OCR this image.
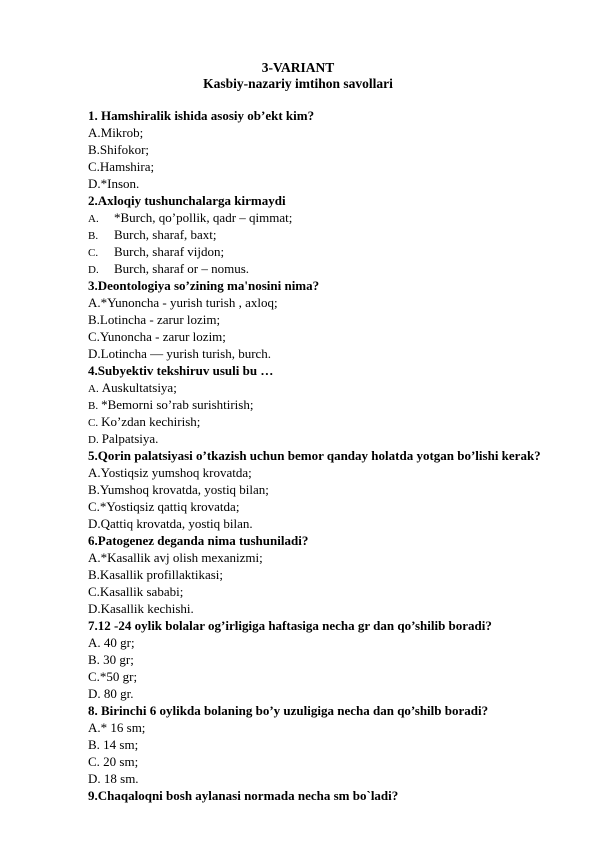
3-VARIANT
Kasbiy-nazariy imtihon savollari
1. Hamshiralik ishida asosiy ob’ekt kim?
A.Mikrob;
B.Shifokor;
C.Hamshira;
D.*Inson.
2.Axloqiy tushunchalarga kirmaydi
A. *Burch, qo’pollik, qadr – qimmat;
B. Burch, sharaf, baxt;
C. Burch, sharaf vijdon;
D. Burch, sharaf or – nomus.
3.Deontologiya so’zining ma'nosini nima?
A.*Yunoncha - yurish turish , axloq;
B.Lotincha - zarur lozim;
C.Yunoncha - zarur lozim;
D.Lotincha — yurish turish, burch.
4.Subyektiv tekshiruv usuli bu …
A. Auskultatsiya;
B. *Bemorni so’rab surishtirish;
C. Ko’zdan kechirish;
D. Palpatsiya.
5.Qorin palatsiyasi o’tkazish uchun bemor qanday holatda yotgan bo’lishi kerak?
A.Yostiqsiz yumshoq krovatda;
B.Yumshoq krovatda, yostiq bilan;
C.*Yostiqsiz qattiq krovatda;
D.Qattiq krovatda, yostiq bilan.
6.Patogenez deganda nima tushuniladi?
A.*Kasallik avj olish mexanizmi;
B.Kasallik profillaktikasi;
C.Kasallik sababi;
D.Kasallik kechishi.
7.12 -24 oylik bolalar og’irligiga haftasiga necha gr dan qo’shilib boradi?
A. 40 gr;
B. 30 gr;
C.*50 gr;
D. 80 gr.
8. Birinchi 6 oylikda bolaning bo’y uzuligiga necha dan qo’shilb boradi?
A.* 16 sm;
B. 14 sm;
C. 20 sm;
D. 18 sm.
9.Chaqaloqni bosh aylanasi normada necha sm bo`ladi?
